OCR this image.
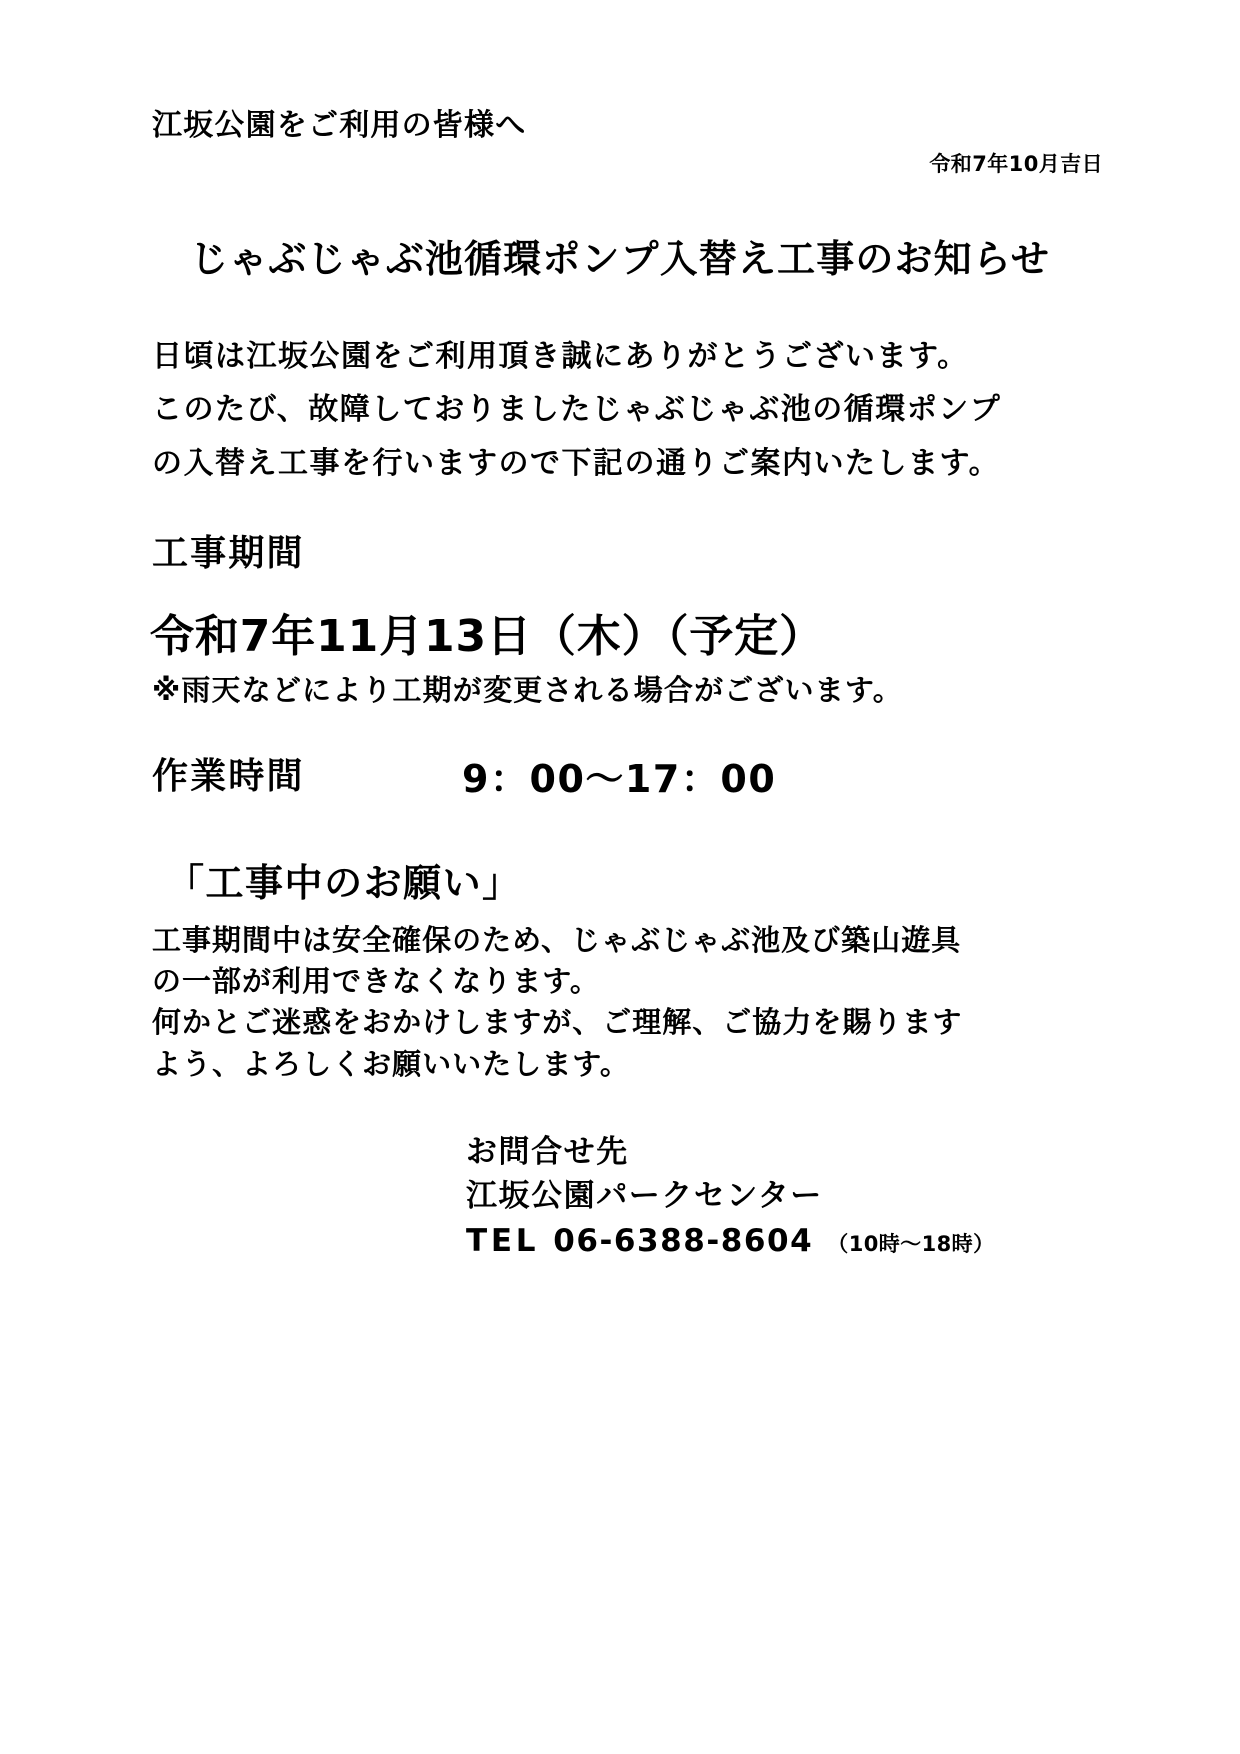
江坂公園をご利用の皆様へ
令和7年10月吉日
じゃぶじゃぶ池循環ポンプ入替え工事のお知らせ
日頃は江坂公園をご利用頂き誠にありがとうございます。
このたび、故障しておりましたじゃぶじゃぶ池の循環ポンプ
の入替え工事を行いますので下記の通りご案内いたします。
工事期間
令和7年11月13日（木）（予定）
※雨天などにより工期が変更される場合がございます。
作業時間	9：00〜17：00
「工事中のお願い」
工事期間中は安全確保のため、じゃぶじゃぶ池及び築山遊具
の一部が利用できなくなります。
何かとご迷惑をおかけしますが、ご理解、ご協力を賜ります
よう、よろしくお願いいたします。
お問合せ先
江坂公園パークセンター
TEL 06-6388-8604 （10時〜18時）
